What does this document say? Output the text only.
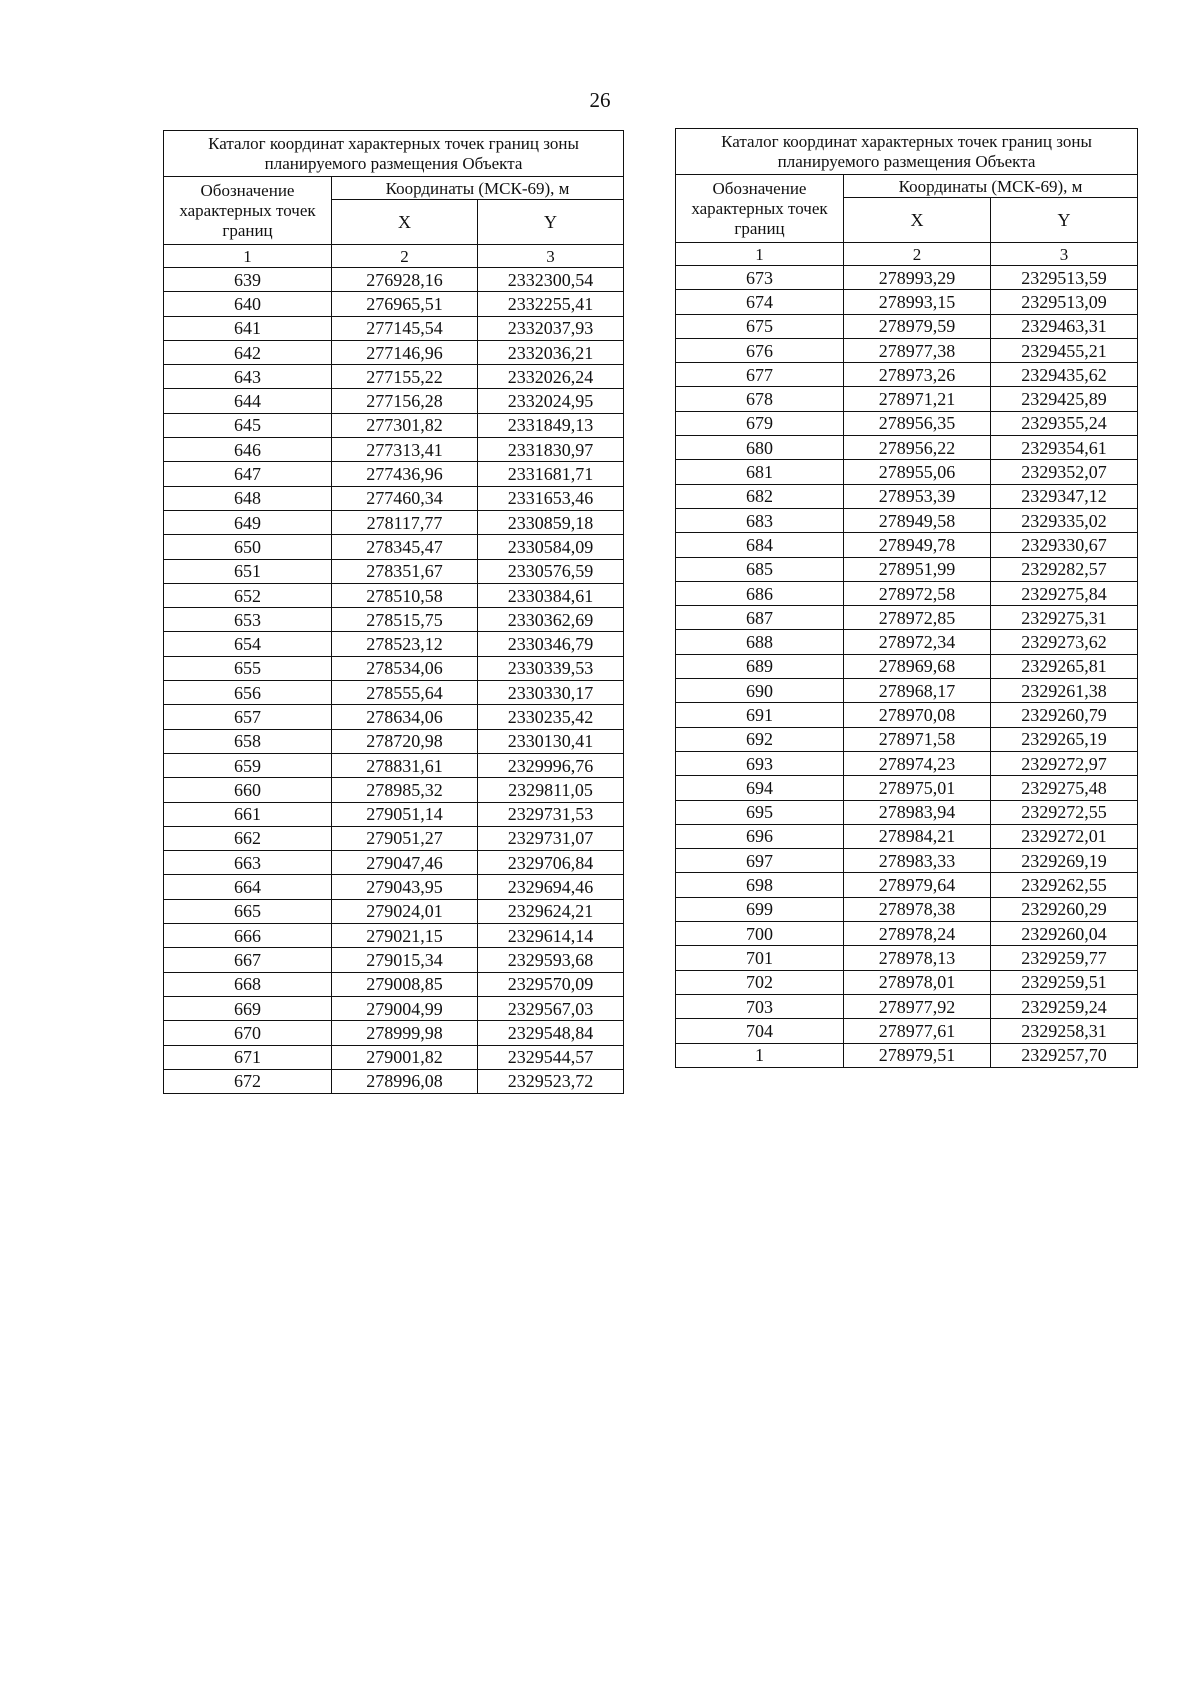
26
Каталог координат характерных точек границ зоны планируемого размещения Объекта		
Обозначение характерных точек границ	Координаты (МСК-69), м	
	X	Y
1	2	3
639	276928,16	2332300,54
640	276965,51	2332255,41
641	277145,54	2332037,93
642	277146,96	2332036,21
643	277155,22	2332026,24
644	277156,28	2332024,95
645	277301,82	2331849,13
646	277313,41	2331830,97
647	277436,96	2331681,71
648	277460,34	2331653,46
649	278117,77	2330859,18
650	278345,47	2330584,09
651	278351,67	2330576,59
652	278510,58	2330384,61
653	278515,75	2330362,69
654	278523,12	2330346,79
655	278534,06	2330339,53
656	278555,64	2330330,17
657	278634,06	2330235,42
658	278720,98	2330130,41
659	278831,61	2329996,76
660	278985,32	2329811,05
661	279051,14	2329731,53
662	279051,27	2329731,07
663	279047,46	2329706,84
664	279043,95	2329694,46
665	279024,01	2329624,21
666	279021,15	2329614,14
667	279015,34	2329593,68
668	279008,85	2329570,09
669	279004,99	2329567,03
670	278999,98	2329548,84
671	279001,82	2329544,57
672	278996,08	2329523,72
Каталог координат характерных точек границ зоны планируемого размещения Объекта		
Обозначение характерных точек границ	Координаты (МСК-69), м	
	X	Y
1	2	3
673	278993,29	2329513,59
674	278993,15	2329513,09
675	278979,59	2329463,31
676	278977,38	2329455,21
677	278973,26	2329435,62
678	278971,21	2329425,89
679	278956,35	2329355,24
680	278956,22	2329354,61
681	278955,06	2329352,07
682	278953,39	2329347,12
683	278949,58	2329335,02
684	278949,78	2329330,67
685	278951,99	2329282,57
686	278972,58	2329275,84
687	278972,85	2329275,31
688	278972,34	2329273,62
689	278969,68	2329265,81
690	278968,17	2329261,38
691	278970,08	2329260,79
692	278971,58	2329265,19
693	278974,23	2329272,97
694	278975,01	2329275,48
695	278983,94	2329272,55
696	278984,21	2329272,01
697	278983,33	2329269,19
698	278979,64	2329262,55
699	278978,38	2329260,29
700	278978,24	2329260,04
701	278978,13	2329259,77
702	278978,01	2329259,51
703	278977,92	2329259,24
704	278977,61	2329258,31
1	278979,51	2329257,70
